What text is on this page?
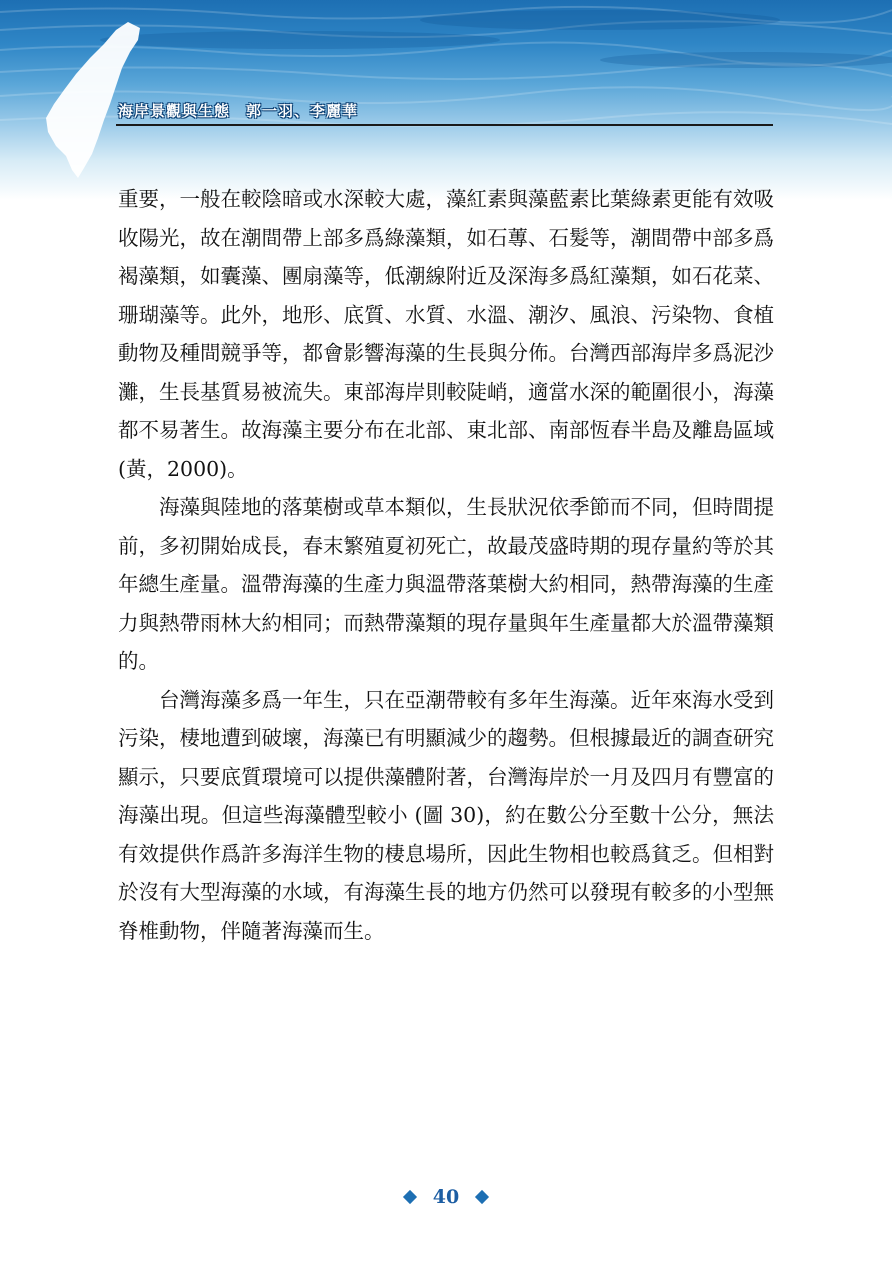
海岸景觀與生態　郭一羽、李麗華

重要，一般在較陰暗或水深較大處，藻紅素與藻藍素比葉綠素更能有效吸收陽光，故在潮間帶上部多爲綠藻類，如石蓴、石髮等，潮間帶中部多爲褐藻類，如囊藻、團扇藻等，低潮線附近及深海多爲紅藻類，如石花菜、珊瑚藻等。此外，地形、底質、水質、水溫、潮汐、風浪、污染物、食植動物及種間競爭等，都會影響海藻的生長與分佈。台灣西部海岸多爲泥沙灘，生長基質易被流失。東部海岸則較陡峭，適當水深的範圍很小，海藻都不易著生。故海藻主要分布在北部、東北部、南部恆春半島及離島區域 (黃，2000)。

海藻與陸地的落葉樹或草本類似，生長狀況依季節而不同，但時間提前，多初開始成長，春末繁殖夏初死亡，故最茂盛時期的現存量約等於其年總生產量。溫帶海藻的生產力與溫帶落葉樹大約相同，熱帶海藻的生產力與熱帶雨林大約相同；而熱帶藻類的現存量與年生產量都大於溫帶藻類的。

台灣海藻多爲一年生，只在亞潮帶較有多年生海藻。近年來海水受到污染，棲地遭到破壞，海藻已有明顯減少的趨勢。但根據最近的調查研究顯示，只要底質環境可以提供藻體附著，台灣海岸於一月及四月有豐富的海藻出現。但這些海藻體型較小 (圖 30)，約在數公分至數十公分，無法有效提供作爲許多海洋生物的棲息場所，因此生物相也較爲貧乏。但相對於沒有大型海藻的水域，有海藻生長的地方仍然可以發現有較多的小型無脊椎動物，伴隨著海藻而生。

40
